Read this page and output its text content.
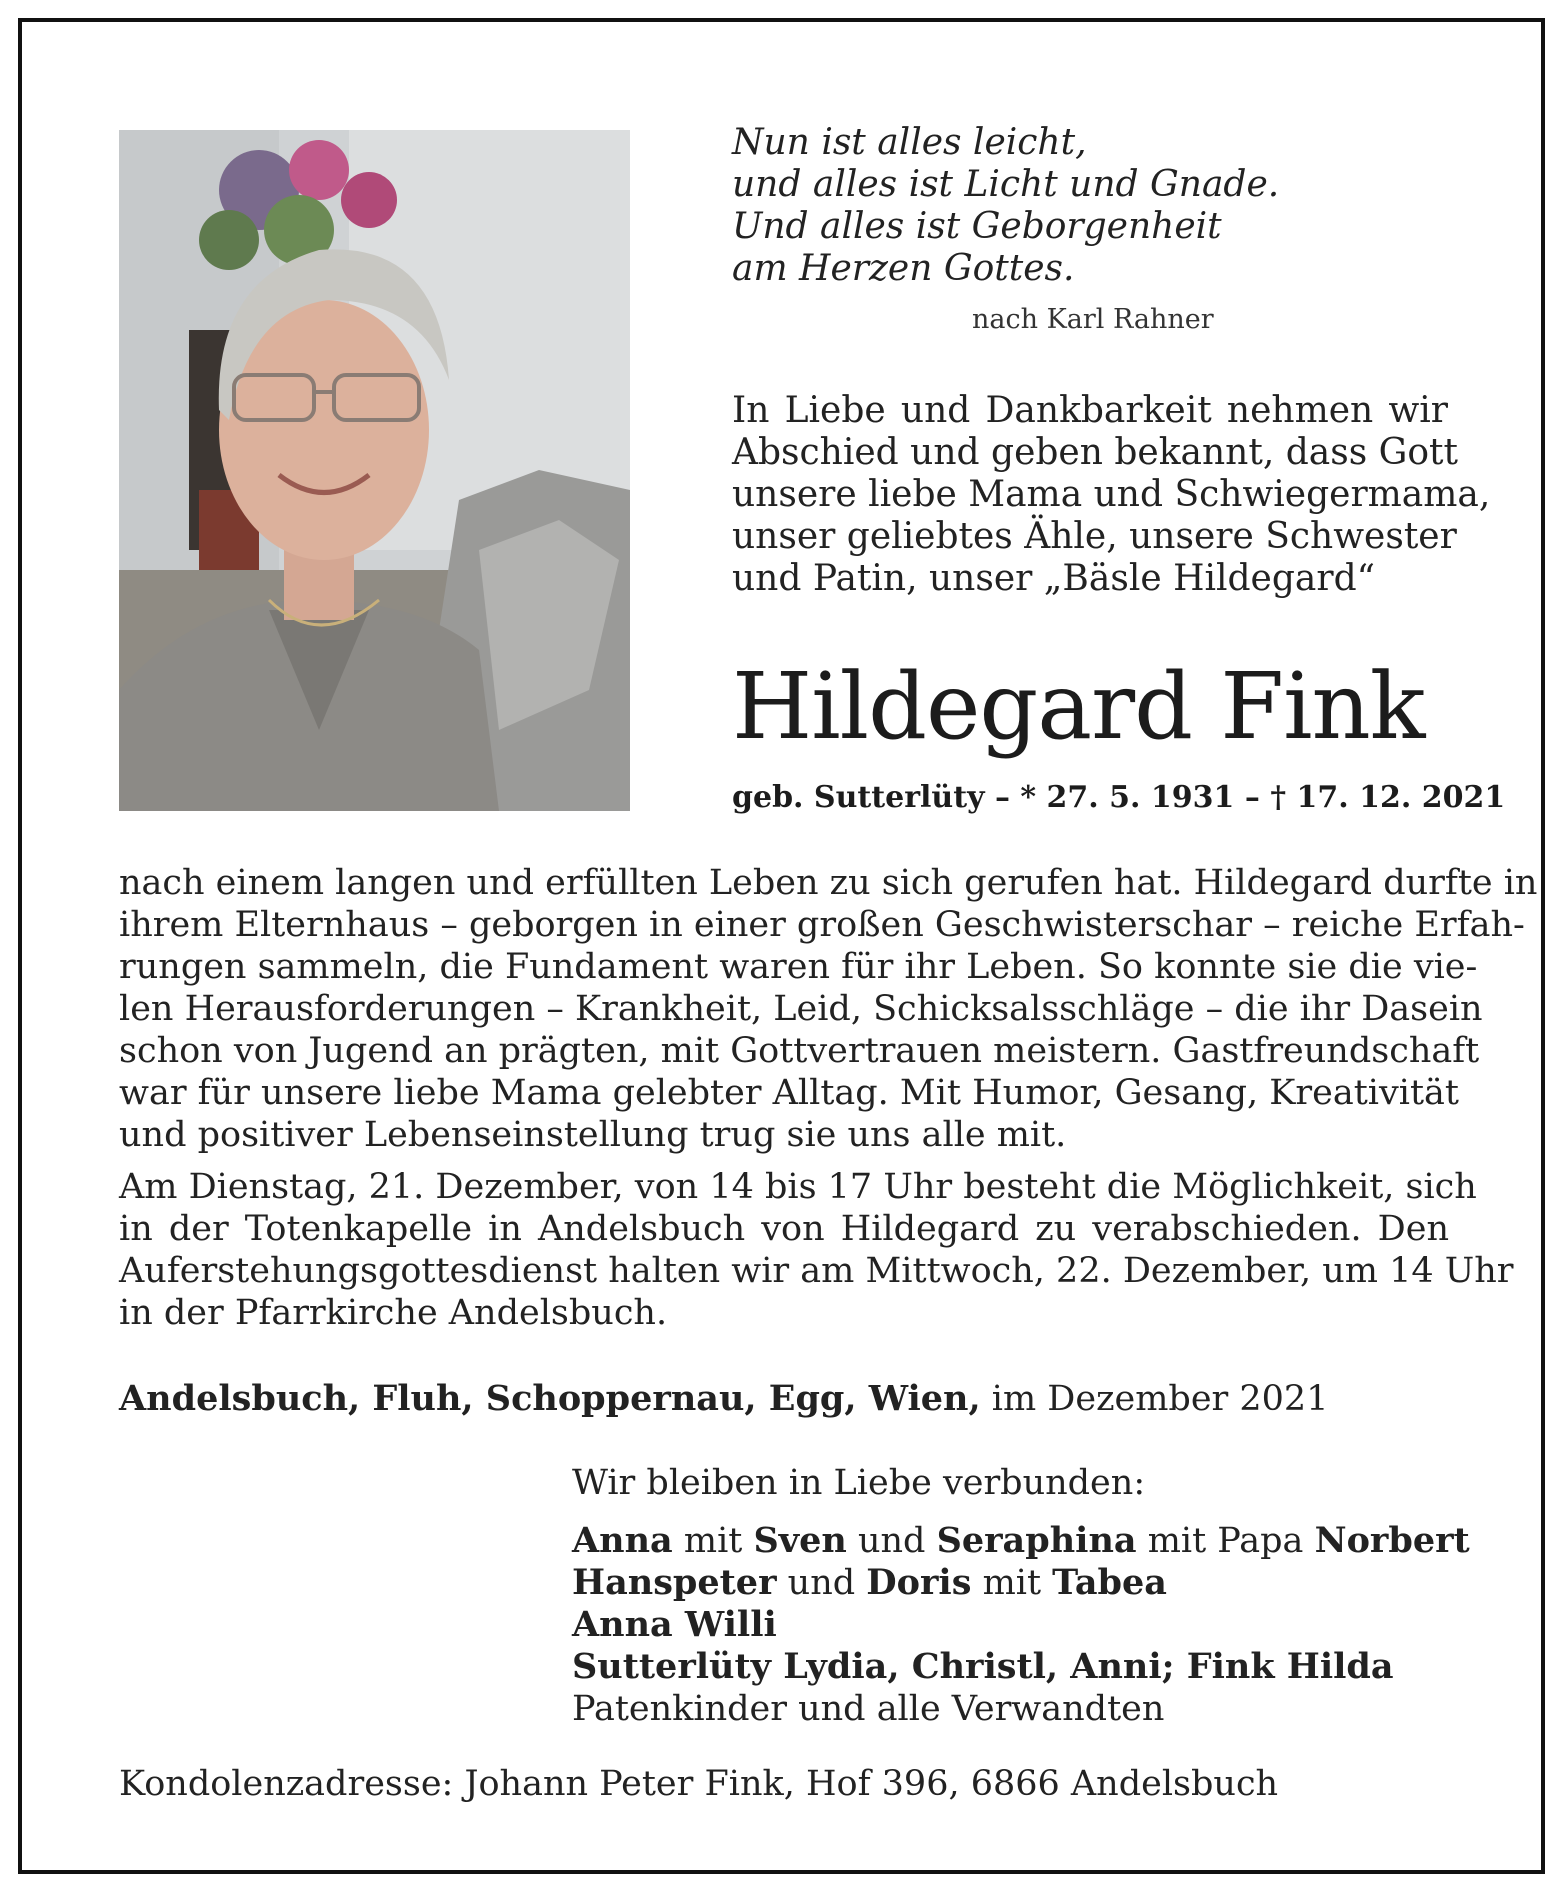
Nun ist alles leicht,
und alles ist Licht und Gnade.
Und alles ist Geborgenheit
am Herzen Gottes.
nach Karl Rahner
In Liebe und Dankbarkeit nehmen wir
Abschied und geben bekannt, dass Gott
unsere liebe Mama und Schwiegermama,
unser geliebtes Ähle, unsere Schwester
und Patin, unser „Bäsle Hildegard“
Hildegard Fink
geb. Sutterlüty – * 27. 5. 1931 – † 17. 12. 2021
nach einem langen und erfüllten Leben zu sich gerufen hat. Hildegard durfte in
ihrem Elternhaus – geborgen in einer großen Geschwisterschar – reiche Erfah-
rungen sammeln, die Fundament waren für ihr Leben. So konnte sie die vie-
len Herausforderungen – Krankheit, Leid, Schicksalsschläge – die ihr Dasein
schon von Jugend an prägten, mit Gottvertrauen meistern. Gastfreundschaft
war für unsere liebe Mama gelebter Alltag. Mit Humor, Gesang, Kreativität
und positiver Lebenseinstellung trug sie uns alle mit.
Am Dienstag, 21. Dezember, von 14 bis 17 Uhr besteht die Möglichkeit, sich
in der Totenkapelle in Andelsbuch von Hildegard zu verabschieden. Den
Auferstehungsgottesdienst halten wir am Mittwoch, 22. Dezember, um 14 Uhr
in der Pfarrkirche Andelsbuch.
Andelsbuch, Fluh, Schoppernau, Egg, Wien, im Dezember 2021
Wir bleiben in Liebe verbunden:
Anna mit Sven und Seraphina mit Papa Norbert
Hanspeter und Doris mit Tabea
Anna Willi
Sutterlüty Lydia, Christl, Anni; Fink Hilda
Patenkinder und alle Verwandten
Kondolenzadresse: Johann Peter Fink, Hof 396, 6866 Andelsbuch
